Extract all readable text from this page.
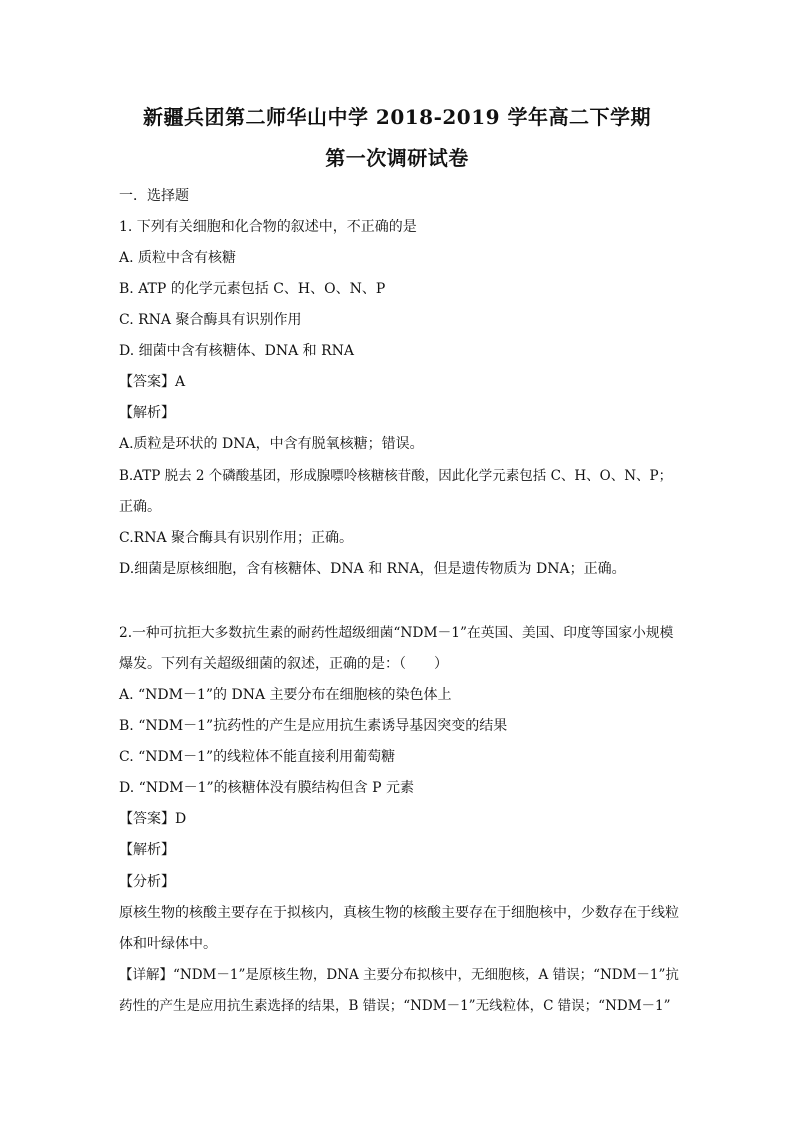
新疆兵团第二师华山中学 2018-2019 学年高二下学期
第一次调研试卷
一．选择题
1. 下列有关细胞和化合物的叙述中，不正确的是
A. 质粒中含有核糖
B. ATP 的化学元素包括 C、H、O、N、P
C. RNA 聚合酶具有识别作用
D. 细菌中含有核糖体、DNA 和 RNA
【答案】A
【解析】
A.质粒是环状的 DNA，中含有脱氧核糖；错误。
B.ATP 脱去 2 个磷酸基团，形成腺嘌呤核糖核苷酸，因此化学元素包括 C、H、O、N、P；
正确。
C.RNA 聚合酶具有识别作用；正确。
D.细菌是原核细胞，含有核糖体、DNA 和 RNA，但是遗传物质为 DNA；正确。
2.一种可抗拒大多数抗生素的耐药性超级细菌“NDM－1”在英国、美国、印度等国家小规模
爆发。下列有关超级细菌的叙述，正确的是：（　　）
A. “NDM－1”的 DNA 主要分布在细胞核的染色体上
B. “NDM－1”抗药性的产生是应用抗生素诱导基因突变的结果
C. “NDM－1”的线粒体不能直接利用葡萄糖
D. “NDM－1”的核糖体没有膜结构但含 P 元素
【答案】D
【解析】
【分析】
原核生物的核酸主要存在于拟核内，真核生物的核酸主要存在于细胞核中，少数存在于线粒
体和叶绿体中。
【详解】“NDM－1”是原核生物，DNA 主要分布拟核中，无细胞核，A 错误；“NDM－1”抗
药性的产生是应用抗生素选择的结果，B 错误；“NDM－1”无线粒体，C 错误；“NDM－1”
